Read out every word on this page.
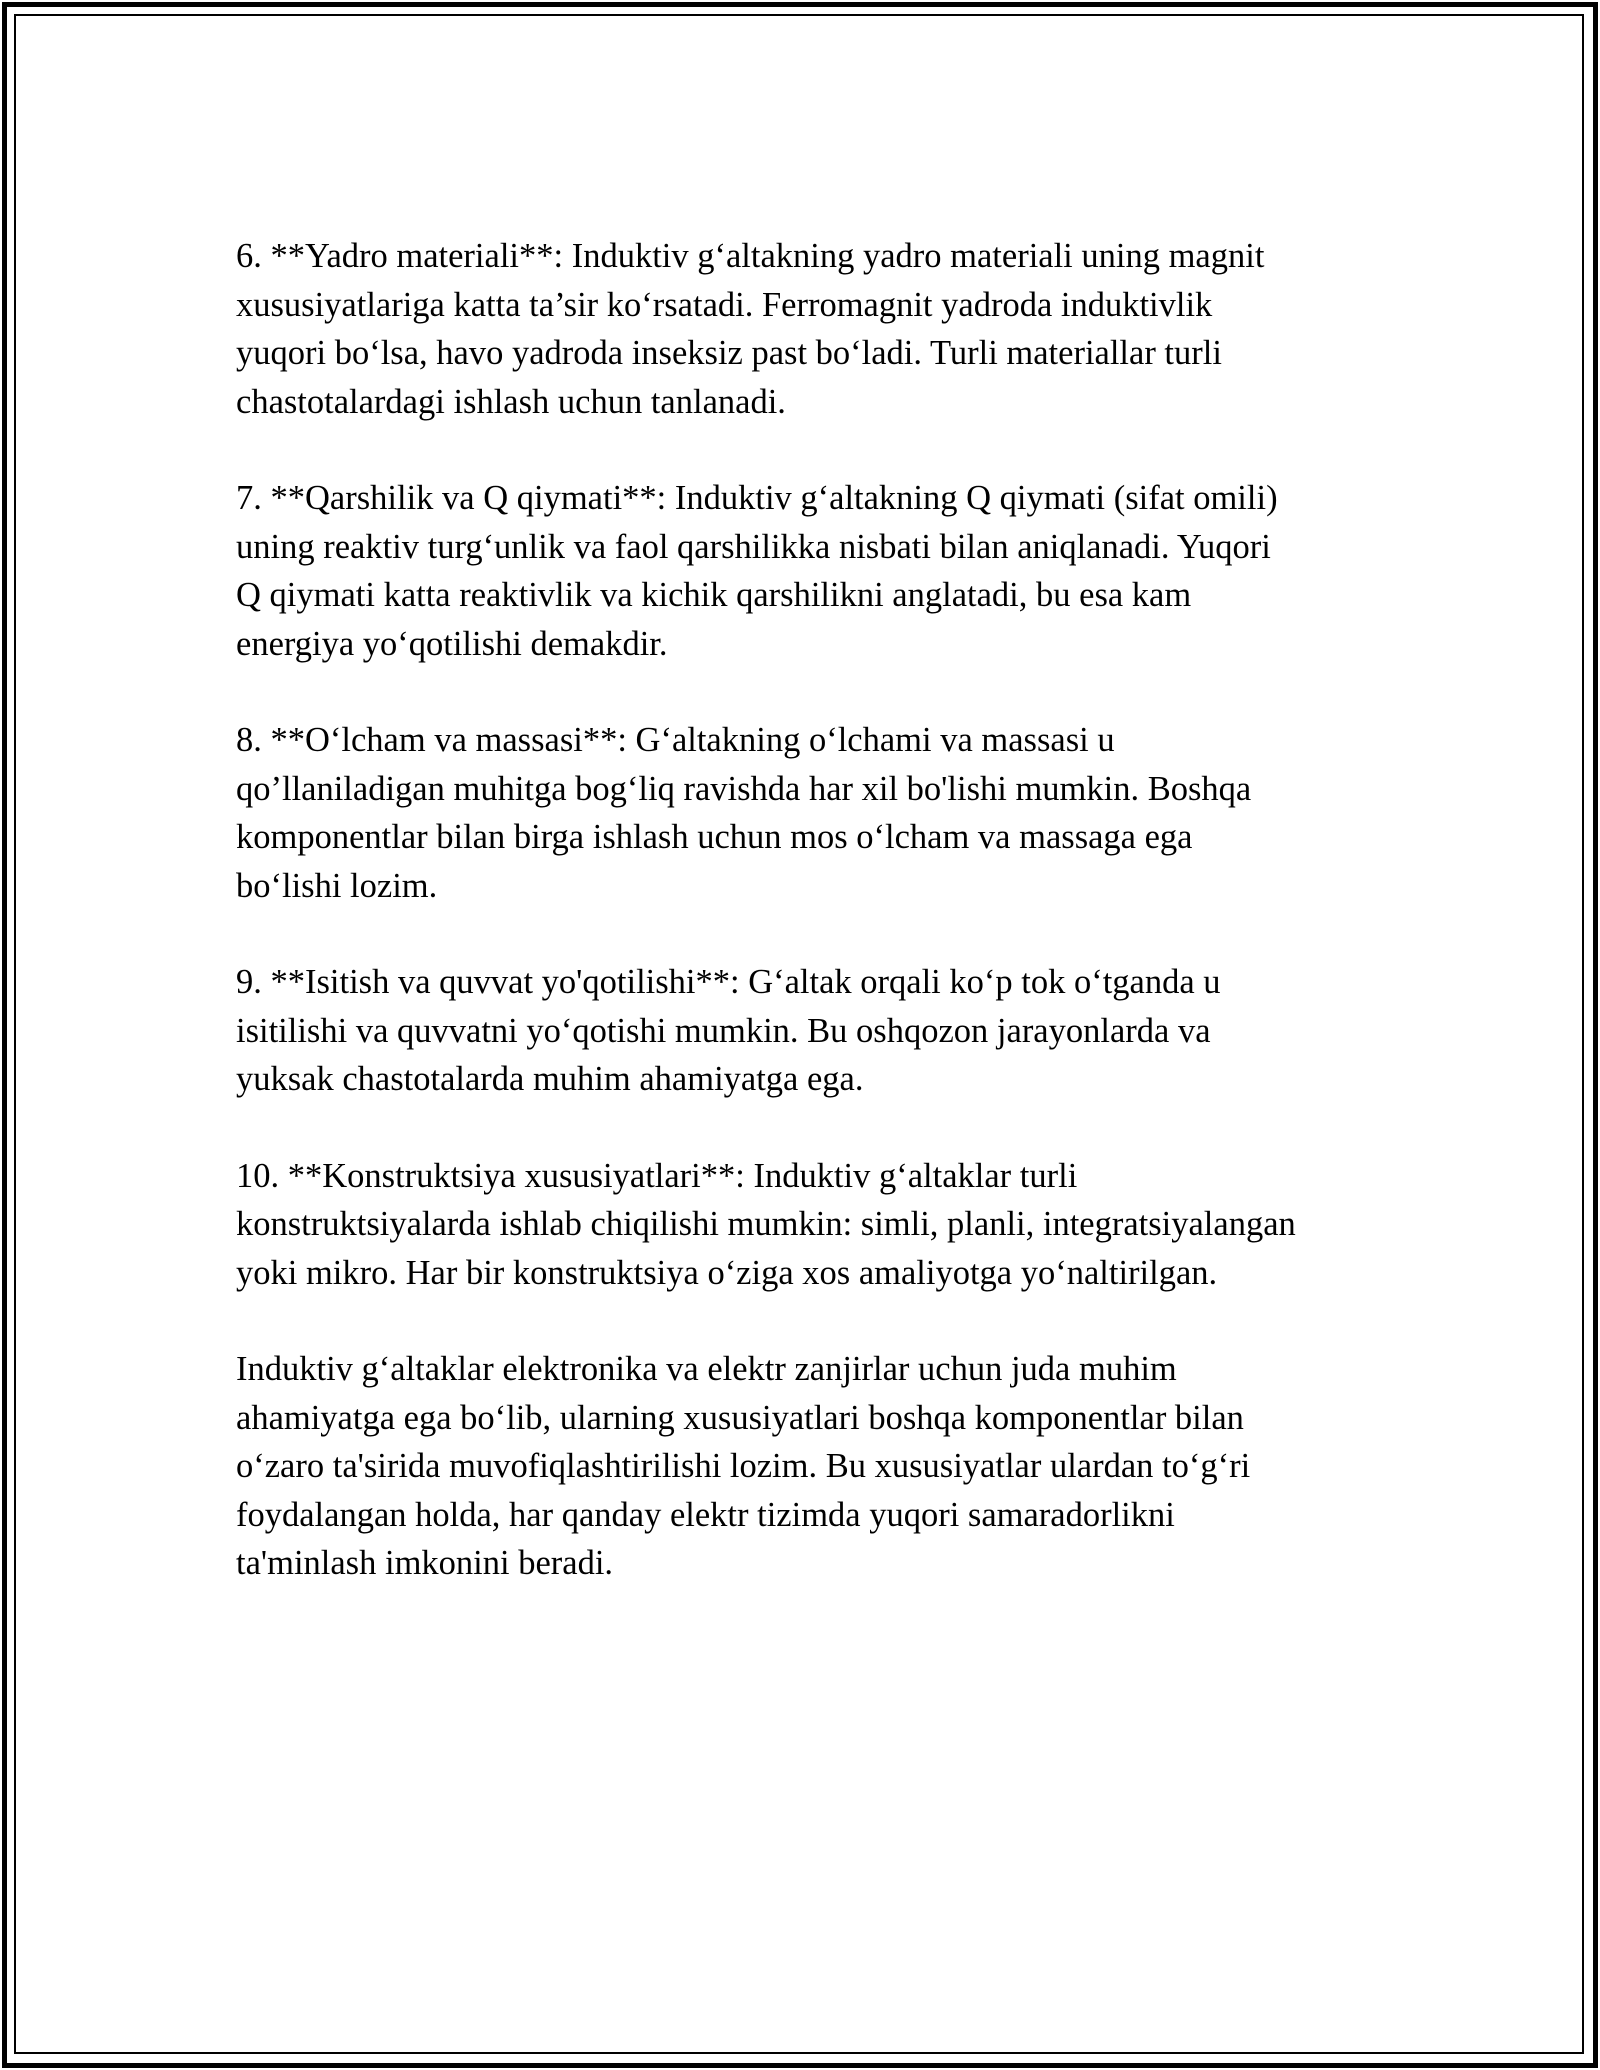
6. **Yadro materiali**: Induktiv g‘altakning yadro materiali uning magnit
xususiyatlariga katta ta’sir ko‘rsatadi. Ferromagnit yadroda induktivlik
yuqori bo‘lsa, havo yadroda inseksiz past bo‘ladi. Turli materiallar turli
chastotalardagi ishlash uchun tanlanadi.

7. **Qarshilik va Q qiymati**: Induktiv g‘altakning Q qiymati (sifat omili)
uning reaktiv turg‘unlik va faol qarshilikka nisbati bilan aniqlanadi. Yuqori
Q qiymati katta reaktivlik va kichik qarshilikni anglatadi, bu esa kam
energiya yo‘qotilishi demakdir.

8. **O‘lcham va massasi**: G‘altakning o‘lchami va massasi u
qo’llaniladigan muhitga bog‘liq ravishda har xil bo'lishi mumkin. Boshqa
komponentlar bilan birga ishlash uchun mos o‘lcham va massaga ega
bo‘lishi lozim.

9. **Isitish va quvvat yo'qotilishi**: G‘altak orqali ko‘p tok o‘tganda u
isitilishi va quvvatni yo‘qotishi mumkin. Bu oshqozon jarayonlarda va
yuksak chastotalarda muhim ahamiyatga ega.

10. **Konstruktsiya xususiyatlari**: Induktiv g‘altaklar turli
konstruktsiyalarda ishlab chiqilishi mumkin: simli, planli, integratsiyalangan
yoki mikro. Har bir konstruktsiya o‘ziga xos amaliyotga yo‘naltirilgan.

Induktiv g‘altaklar elektronika va elektr zanjirlar uchun juda muhim
ahamiyatga ega bo‘lib, ularning xususiyatlari boshqa komponentlar bilan
o‘zaro ta'sirida muvofiqlashtirilishi lozim. Bu xususiyatlar ulardan to‘g‘ri
foydalangan holda, har qanday elektr tizimda yuqori samaradorlikni
ta'minlash imkonini beradi.
